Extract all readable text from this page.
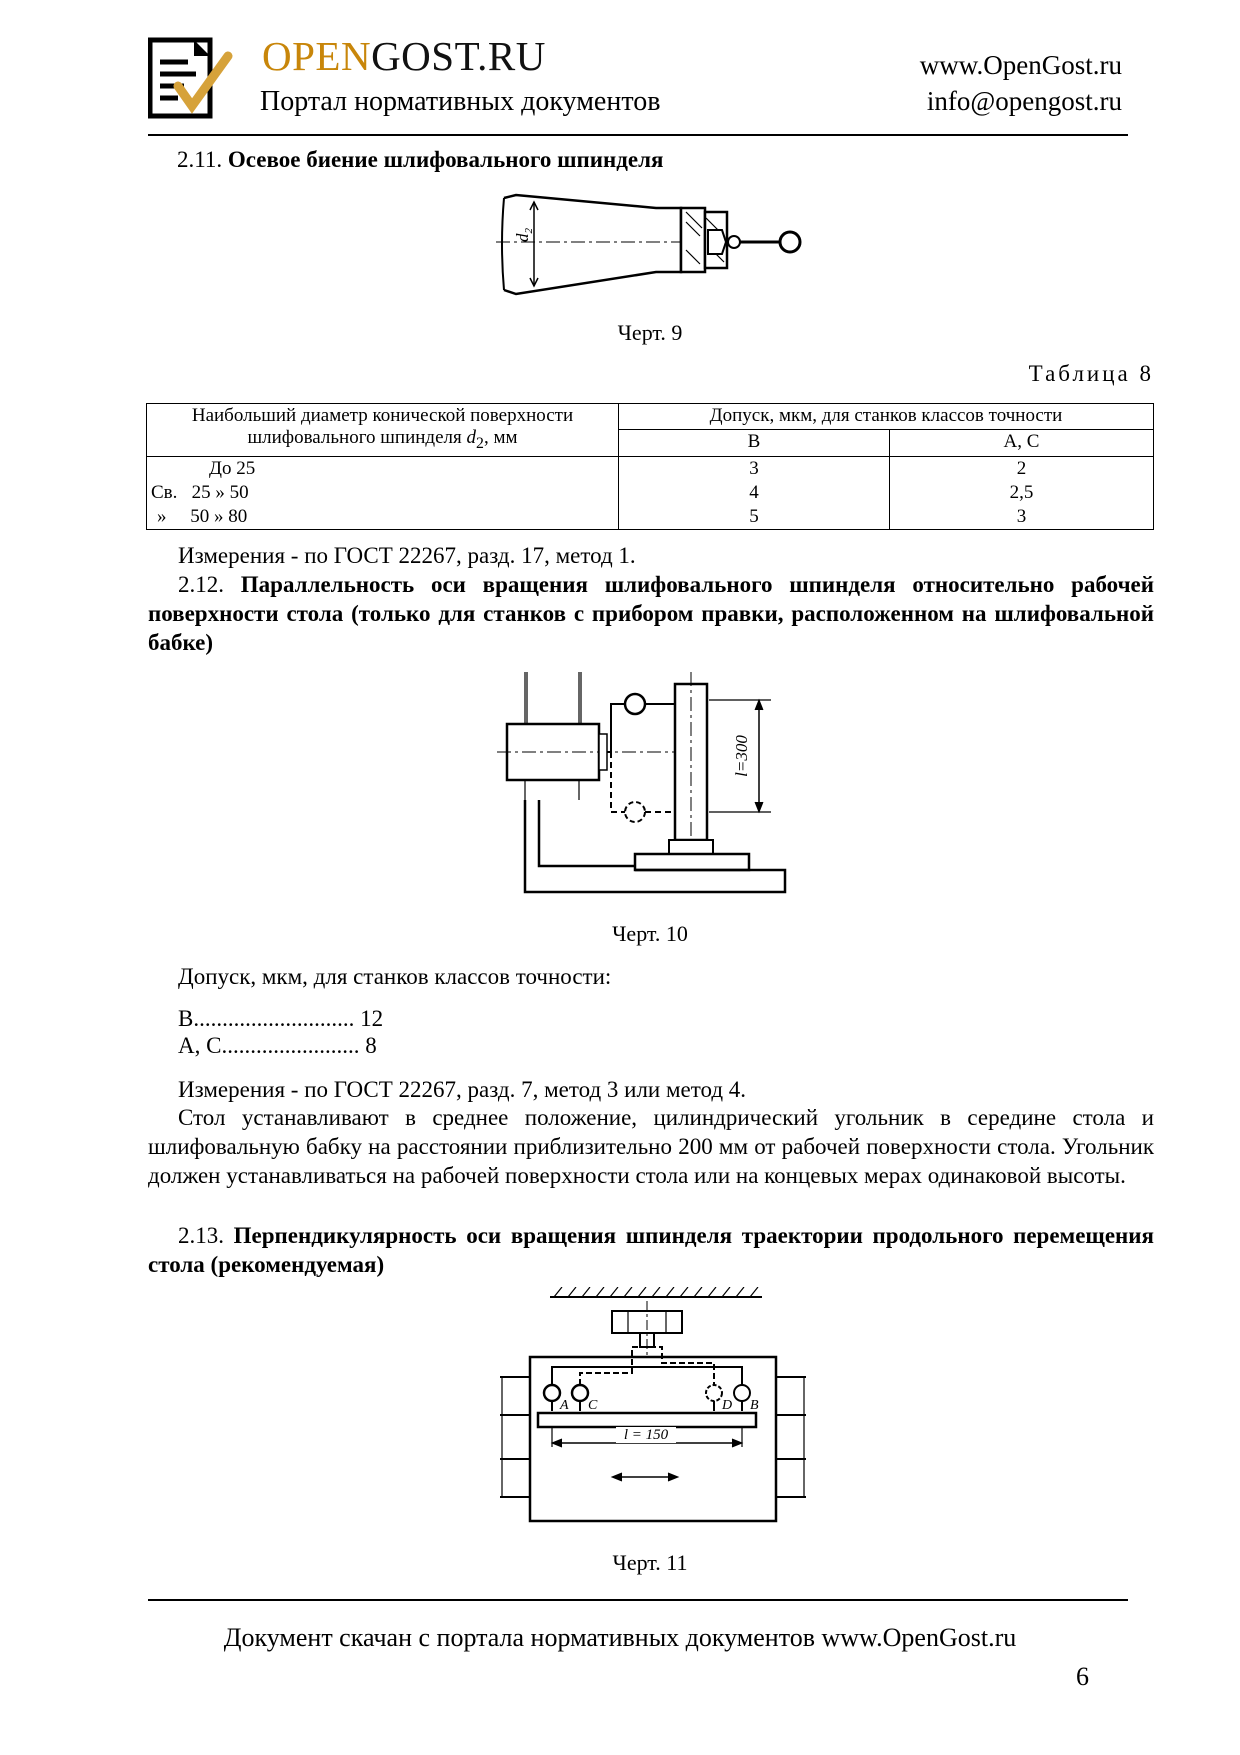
OPENGOST.RU
Портал нормативных документов
www.OpenGost.ru
info@opengost.ru
2.11. Осевое биение шлифовального шпинделя
$d_2$
Черт. 9
Таблица 8
Наибольший диаметр конической поверхности
шлифовального шпинделя $d_2$, мм	Допуск, мкм, для станков классов точности	
	В	А, С
До 25	3	2
Св.   25 » 50	4	2,5
»     50 » 80	5	3
Измерения - по ГОСТ 22267, разд. 17, метод 1.
2.12. Параллельность оси вращения шлифовального шпинделя относительно рабочей поверхности стола (только для станков с прибором правки, расположенном на шлифовальной бабке)
l=300
Черт. 10
Допуск, мкм, для станков классов точности:
В............................ 12
А, С........................ 8
Измерения - по ГОСТ 22267, разд. 7, метод 3 или метод 4.
Стол устанавливают в среднее положение, цилиндрический угольник в середине стола и шлифовальную бабку на расстоянии приблизительно 200 мм от рабочей поверхности стола. Угольник должен устанавливаться на рабочей поверхности стола или на концевых мерах одинаковой высоты.
2.13. Перпендикулярность оси вращения шпинделя траектории продольного перемещения стола (рекомендуемая)
A C	D B
l = 150
Черт. 11
Документ скачан с портала нормативных документов www.OpenGost.ru
6
